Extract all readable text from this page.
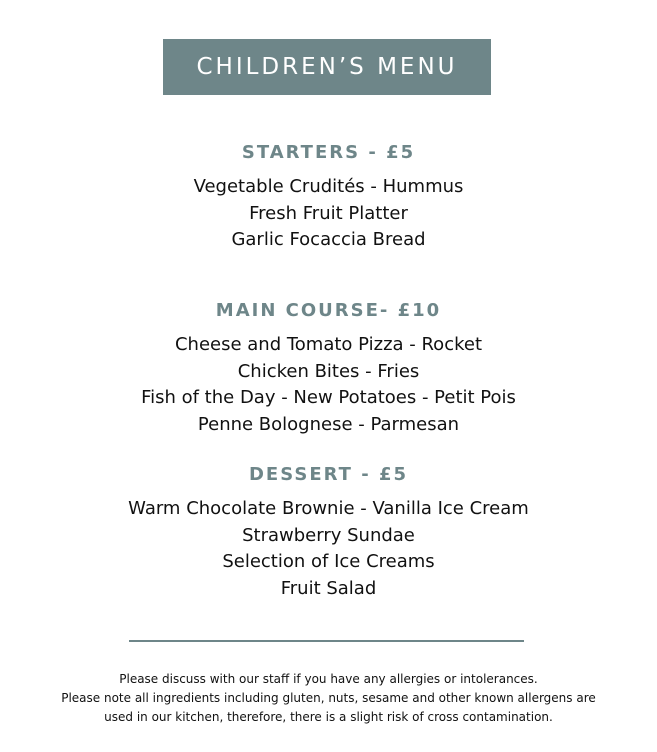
CHILDREN’S MENU
STARTERS - £5
Vegetable Crudités - Hummus
Fresh Fruit Platter
Garlic Focaccia Bread
MAIN COURSE- £10
Cheese and Tomato Pizza - Rocket
Chicken Bites - Fries
Fish of the Day - New Potatoes - Petit Pois
Penne Bolognese - Parmesan
DESSERT - £5
Warm Chocolate Brownie - Vanilla Ice Cream
Strawberry Sundae
Selection of Ice Creams
Fruit Salad
Please discuss with our staff if you have any allergies or intolerances.
Please note all ingredients including gluten, nuts, sesame and other known allergens are
used in our kitchen, therefore, there is a slight risk of cross contamination.
